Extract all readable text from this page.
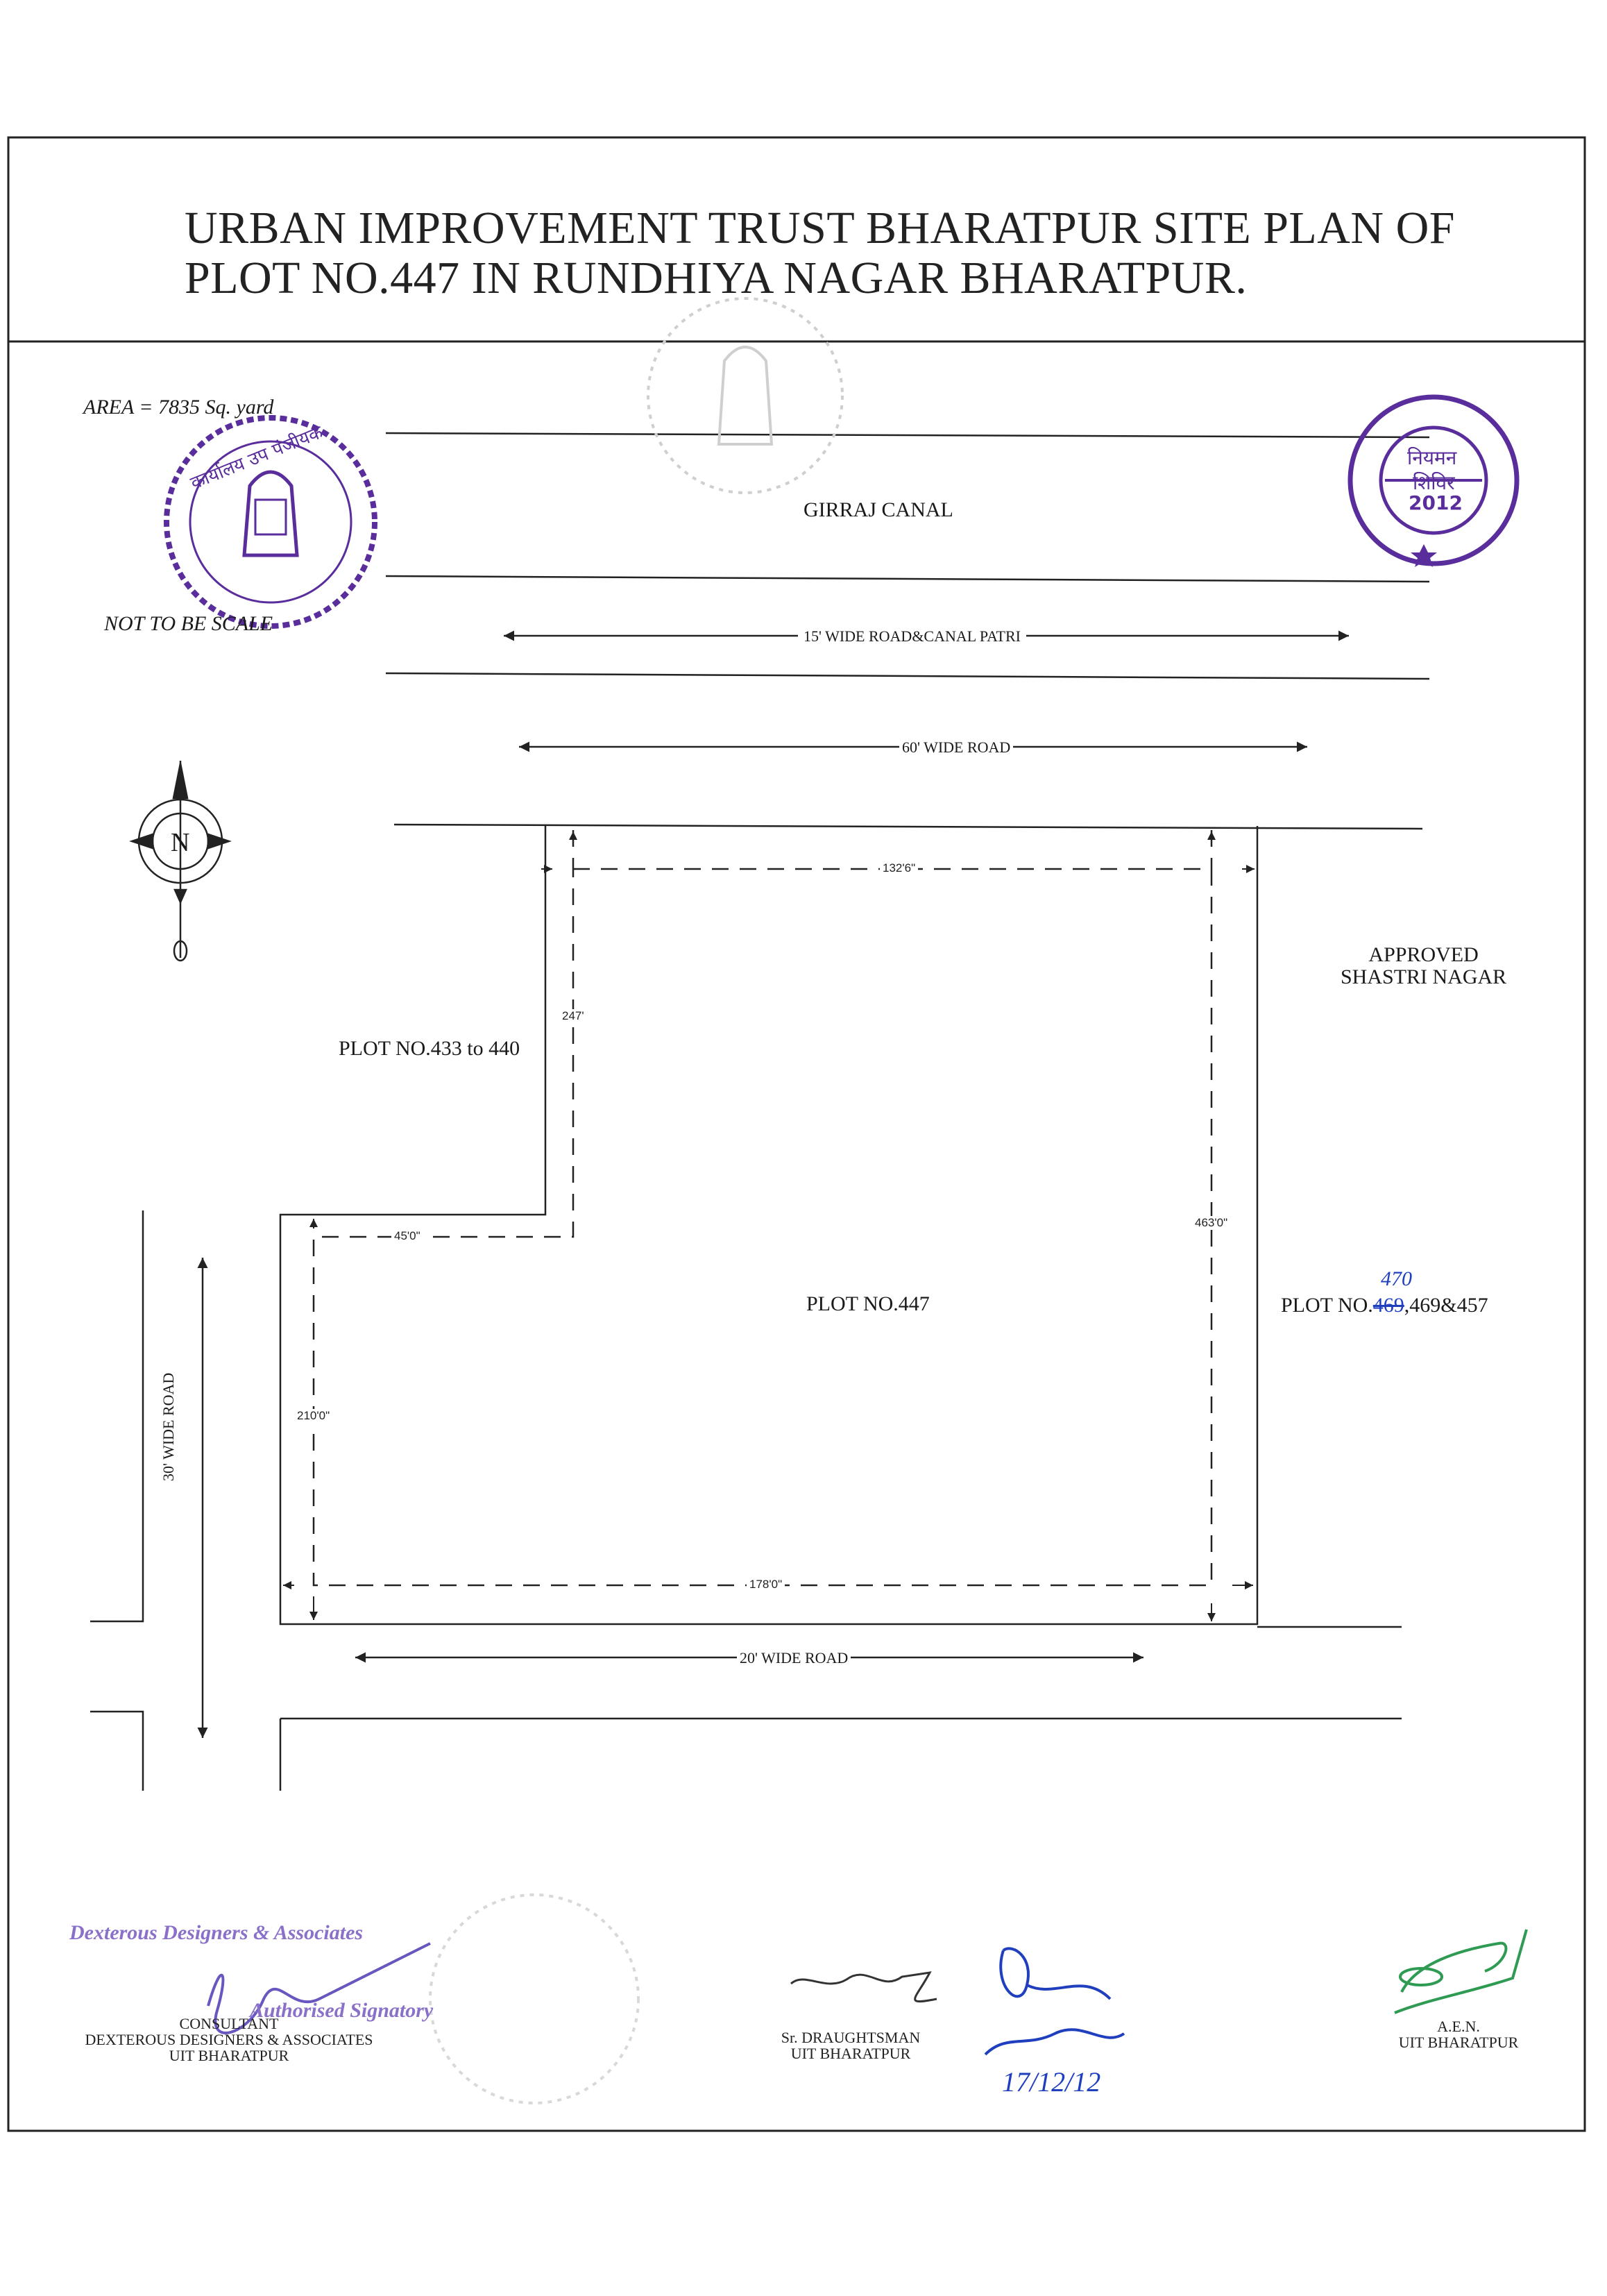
URBAN IMPROVEMENT TRUST BHARATPUR SITE PLAN OF
PLOT NO.447 IN RUNDHIYA NAGAR BHARATPUR.
AREA = 7835 Sq. yard
NOT TO BE SCALE
GIRRAJ CANAL
15' WIDE ROAD&CANAL PATRI
60' WIDE ROAD
20' WIDE ROAD
30' WIDE ROAD
APPROVED
SHASTRI NAGAR
PLOT NO.433 to 440
PLOT NO.447	PLOT NO.469,469&457
470
132'6"
247'
45'0"
463'0"
210'0"
178'0"
N
कार्यालय उप पंजीयक	नियमन
शिविर
2012
Dexterous Designers & Associates
Authorised Signatory
CONSULTANT
DEXTEROUS DESIGNERS & ASSOCIATES
UIT BHARATPUR
Sr. DRAUGHTSMAN
UIT BHARATPUR
17/12/12
A.E.N.
UIT BHARATPUR
